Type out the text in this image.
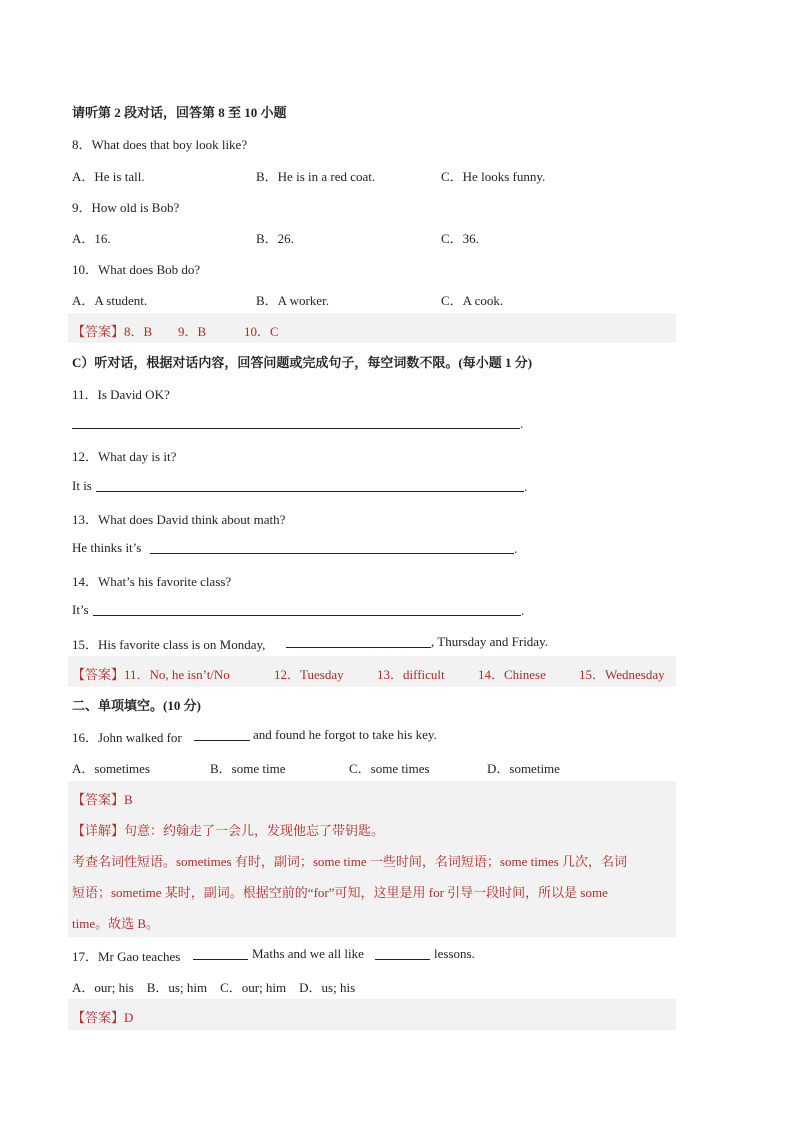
请听第 2 段对话，回答第 8 至 10 小题
8．What does that boy look like?
A．He is tall.	B．He is in a red coat.	C．He looks funny.
9．How old is Bob?
A．16.	B．26.	C．36.
10．What does Bob do?
A．A student.	B．A worker.	C．A cook.
【答案】8．B 9．B	10．C
C）听对话，根据对话内容，回答问题或完成句子，每空词数不限。(每小题 1 分)
11．Is David OK?
.
12．What day is it?
It is	.
13．What does David think about math?
He thinks it’s	.
14．What’s his favorite class?
It’s	.
15．His favorite class is on Monday,	, Thursday and Friday.
【答案】11．No, he isn’t/No	12．Tuesday	13．difficult	14．Chinese	15．Wednesday
二、单项填空。(10 分)
16．John walked for	and found he forgot to take his key.
A．sometimes	B．some time	C．some times	D．sometime
【答案】B
【详解】句意：约翰走了一会儿，发现他忘了带钥匙。
考查名词性短语。sometimes 有时，副词；some time 一些时间，名词短语；some times 几次，名词
短语；sometime 某时，副词。根据空前的“for”可知，这里是用 for 引导一段时间，所以是 some
time。故选 B。
17．Mr Gao teaches	Maths and we all like	lessons.
A．our; his    B．us; him    C．our; him    D．us; his
【答案】D
